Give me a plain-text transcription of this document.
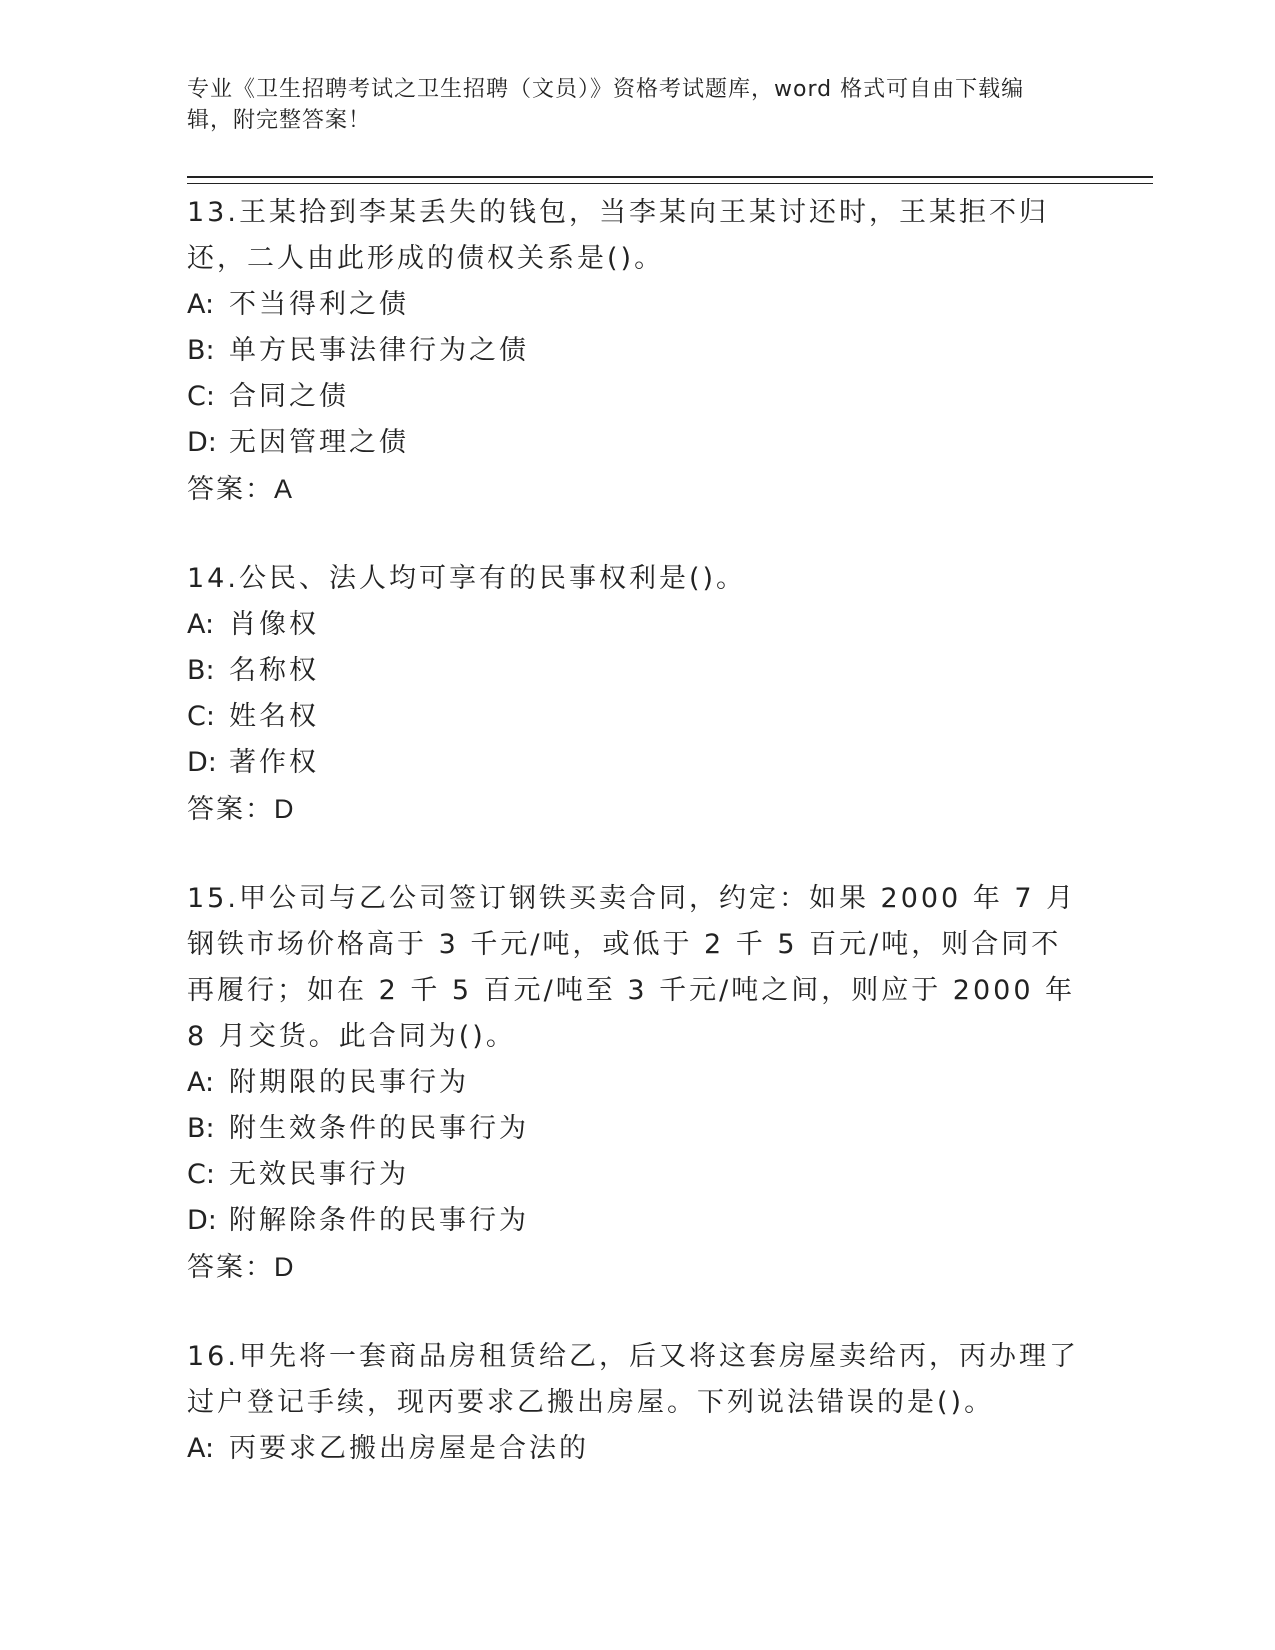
专业《卫生招聘考试之卫生招聘（文员）》资格考试题库，word 格式可自由下载编辑，附完整答案！
13.王某拾到李某丢失的钱包，当李某向王某讨还时，王某拒不归还，二人由此形成的债权关系是()。
A: 不当得利之债
B: 单方民事法律行为之债
C: 合同之债
D: 无因管理之债
答案：A
14.公民、法人均可享有的民事权利是()。
A: 肖像权
B: 名称权
C: 姓名权
D: 著作权
答案：D
15.甲公司与乙公司签订钢铁买卖合同，约定：如果 2000 年 7 月钢铁市场价格高于 3 千元/吨，或低于 2 千 5 百元/吨，则合同不再履行；如在 2 千 5 百元/吨至 3 千元/吨之间，则应于 2000 年 8 月交货。此合同为()。
A: 附期限的民事行为
B: 附生效条件的民事行为
C: 无效民事行为
D: 附解除条件的民事行为
答案：D
16.甲先将一套商品房租赁给乙，后又将这套房屋卖给丙，丙办理了过户登记手续，现丙要求乙搬出房屋。下列说法错误的是()。
A: 丙要求乙搬出房屋是合法的
